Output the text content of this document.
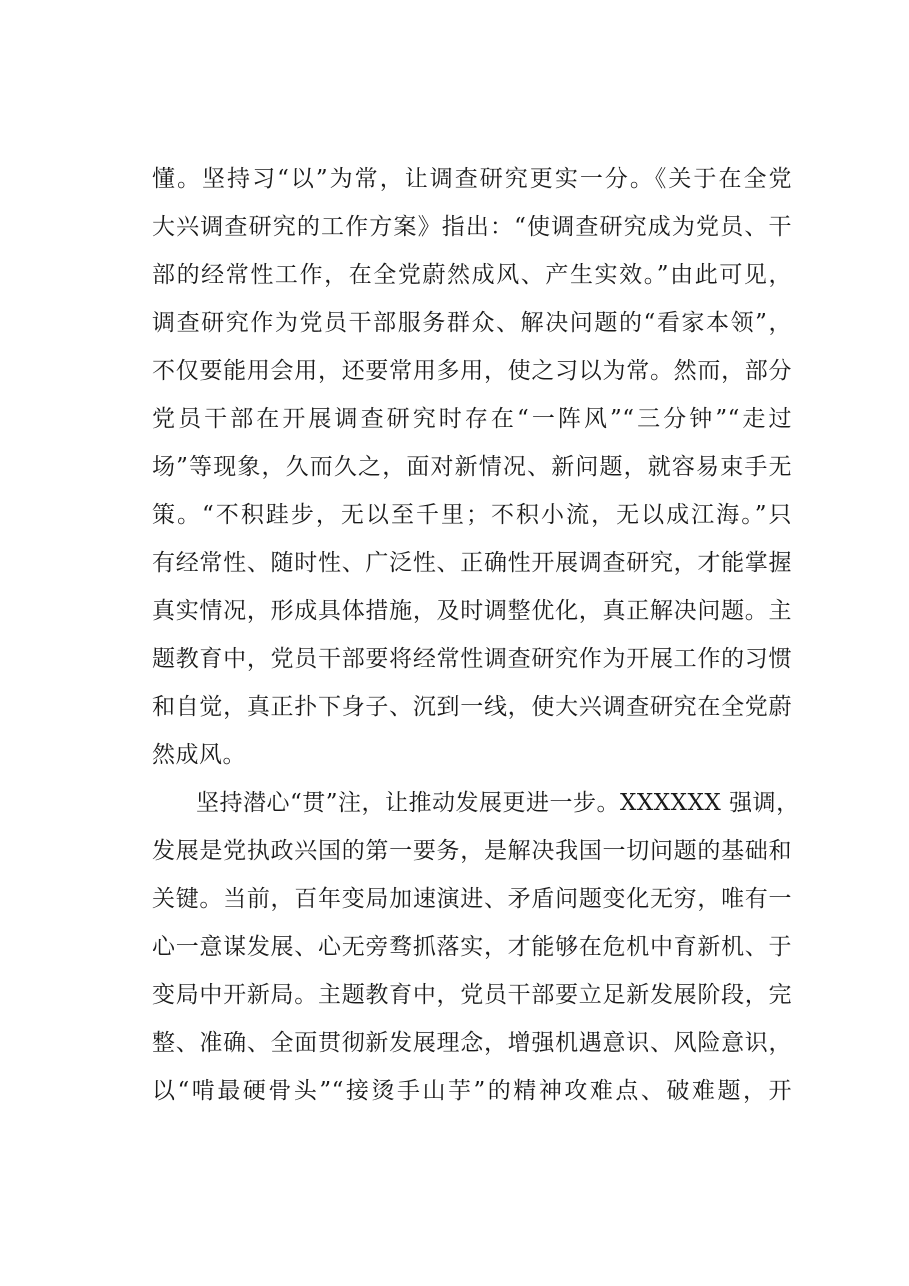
懂。坚持习“以”为常，让调查研究更实一分。《关于在全党
大兴调查研究的工作方案》指出：“使调查研究成为党员、干
部的经常性工作，在全党蔚然成风、产生实效。”由此可见，
调查研究作为党员干部服务群众、解决问题的“看家本领”，
不仅要能用会用，还要常用多用，使之习以为常。然而，部分
党员干部在开展调查研究时存在“一阵风”“三分钟”“走过
场”等现象，久而久之，面对新情况、新问题，就容易束手无
策。“不积跬步，无以至千里；不积小流，无以成江海。”只
有经常性、随时性、广泛性、正确性开展调查研究，才能掌握
真实情况，形成具体措施，及时调整优化，真正解决问题。主
题教育中，党员干部要将经常性调查研究作为开展工作的习惯
和自觉，真正扑下身子、沉到一线，使大兴调查研究在全党蔚
然成风。
坚持潜心“贯”注，让推动发展更进一步。XXXXXX 强调，
发展是党执政兴国的第一要务，是解决我国一切问题的基础和
关键。当前，百年变局加速演进、矛盾问题变化无穷，唯有一
心一意谋发展、心无旁骛抓落实，才能够在危机中育新机、于
变局中开新局。主题教育中，党员干部要立足新发展阶段，完
整、准确、全面贯彻新发展理念，增强机遇意识、风险意识，
以“啃最硬骨头”“接烫手山芋”的精神攻难点、破难题，开
